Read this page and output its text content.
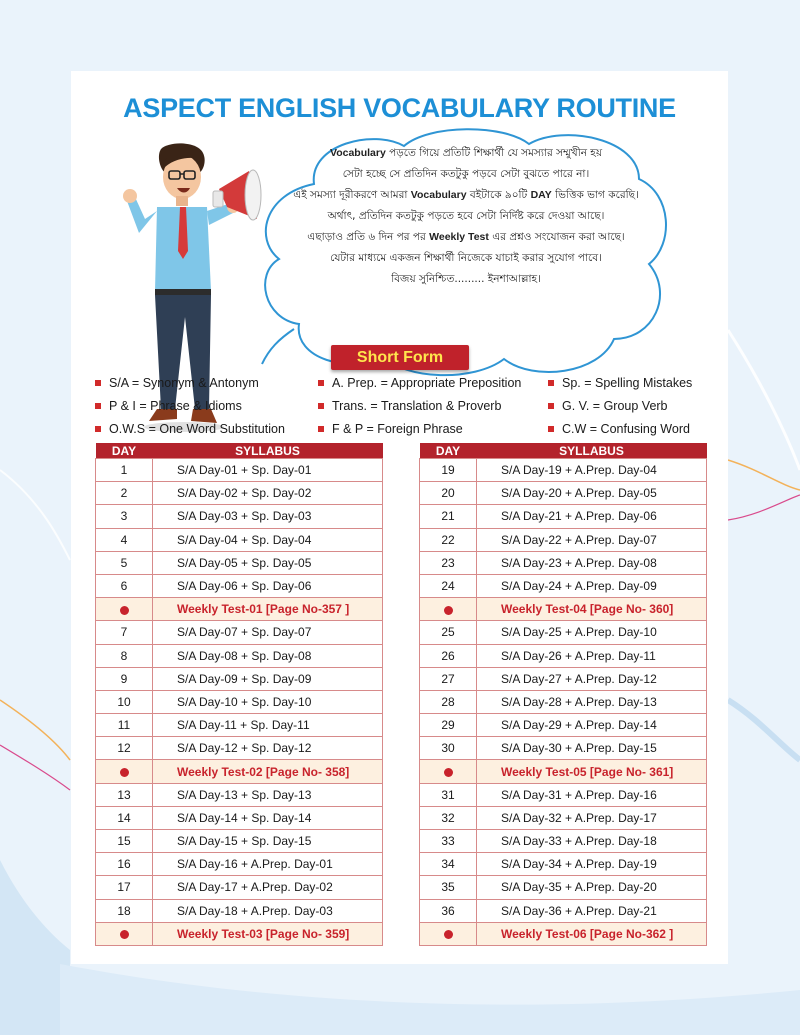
ASPECT ENGLISH VOCABULARY ROUTINE
Vocabulary পড়তে গিয়ে প্রতিটি শিক্ষার্থী যে সমস্যার সম্মুখীন হয়
সেটা হচ্ছে সে প্রতিদিন কতটুকু পড়বে সেটা বুঝতে পারে না।
এই সমস্যা দূরীকরণে আমরা Vocabulary বইটাকে ৯০টি DAY ভিত্তিক ভাগ করেছি।
অর্থাৎ, প্রতিদিন কতটুকু পড়তে হবে সেটা নির্দিষ্ট করে দেওয়া আছে।
এছাড়াও প্রতি ৬ দিন পর পর Weekly Test এর প্রশ্নও সংযোজন করা আছে।
যেটার মাধ্যমে একজন শিক্ষার্থী নিজেকে যাচাই করার সুযোগ পাবে।
বিজয় সুনিশ্চিত......... ইনশাআল্লাহ।
Short Form
S/A = Synonym & Antonym	A. Prep. = Appropriate Preposition	Sp. = Spelling Mistakes
P & I = Phrase & Idioms	Trans. = Translation & Proverb	G. V. = Group Verb
O.W.S = One Word Substitution	F & P = Foreign Phrase	C.W = Confusing Word
DAY	SYLLABUS
1	S/A Day-01 + Sp. Day-01
2	S/A Day-02 + Sp. Day-02
3	S/A Day-03 + Sp. Day-03
4	S/A Day-04 + Sp. Day-04
5	S/A Day-05 + Sp. Day-05
6	S/A Day-06 + Sp. Day-06
	Weekly Test-01 [Page No-357 ]
7	S/A Day-07 + Sp. Day-07
8	S/A Day-08 + Sp. Day-08
9	S/A Day-09 + Sp. Day-09
10	S/A Day-10 + Sp. Day-10
11	S/A Day-11 + Sp. Day-11
12	S/A Day-12 + Sp. Day-12
	Weekly Test-02 [Page No- 358]
13	S/A Day-13 + Sp. Day-13
14	S/A Day-14 + Sp. Day-14
15	S/A Day-15 + Sp. Day-15
16	S/A Day-16 + A.Prep. Day-01
17	S/A Day-17 + A.Prep. Day-02
18	S/A Day-18 + A.Prep. Day-03
	Weekly Test-03 [Page No- 359]
DAY	SYLLABUS
19	S/A Day-19 + A.Prep. Day-04
20	S/A Day-20 + A.Prep. Day-05
21	S/A Day-21 + A.Prep. Day-06
22	S/A Day-22 + A.Prep. Day-07
23	S/A Day-23 + A.Prep. Day-08
24	S/A Day-24 + A.Prep. Day-09
	Weekly Test-04 [Page No- 360]
25	S/A Day-25 + A.Prep. Day-10
26	S/A Day-26 + A.Prep. Day-11
27	S/A Day-27 + A.Prep. Day-12
28	S/A Day-28 + A.Prep. Day-13
29	S/A Day-29 + A.Prep. Day-14
30	S/A Day-30 + A.Prep. Day-15
	Weekly Test-05 [Page No- 361]
31	S/A Day-31 + A.Prep. Day-16
32	S/A Day-32 + A.Prep. Day-17
33	S/A Day-33 + A.Prep. Day-18
34	S/A Day-34 + A.Prep. Day-19
35	S/A Day-35 + A.Prep. Day-20
36	S/A Day-36 + A.Prep. Day-21
	Weekly Test-06 [Page No-362 ]
